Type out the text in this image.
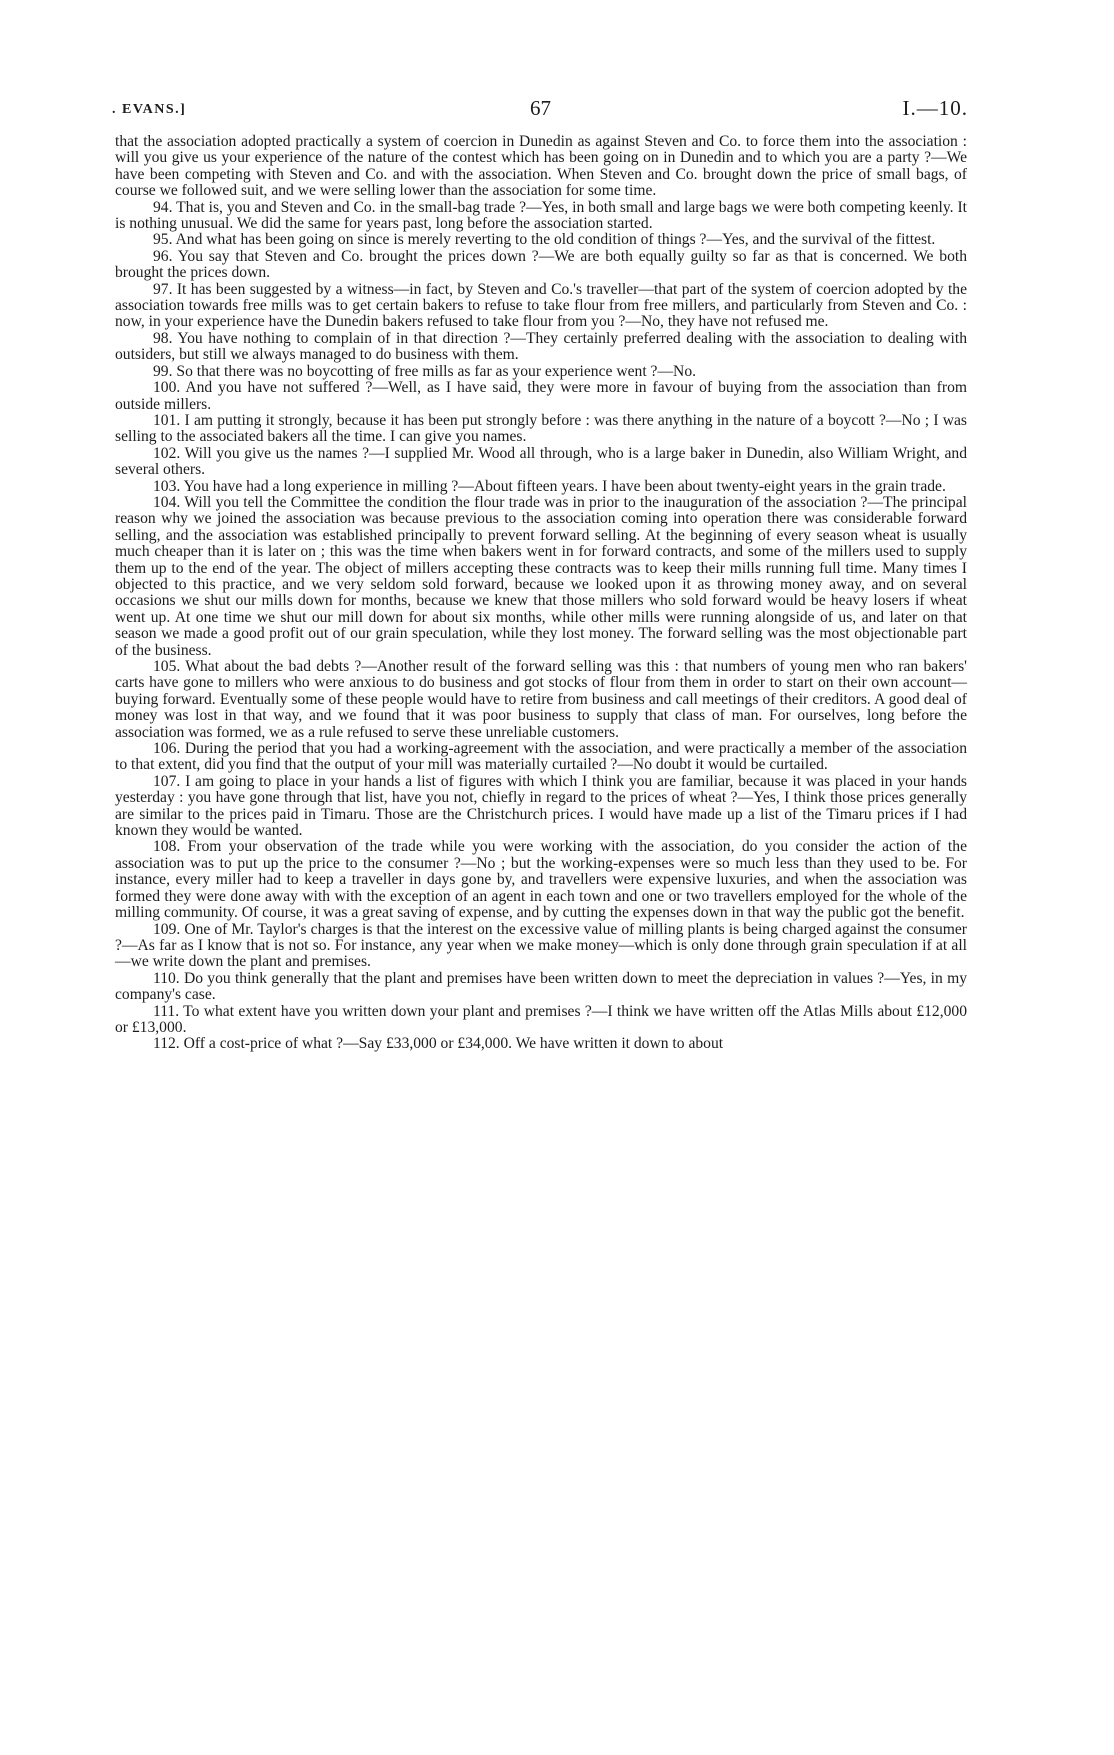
. EVANS.]	67	I.—10.

that the association adopted practically a system of coercion in Dunedin as against Steven and Co. to force them into the association : will you give us your experience of the nature of the contest which has been going on in Dunedin and to which you are a party ?—We have been competing with Steven and Co. and with the association. When Steven and Co. brought down the price of small bags, of course we followed suit, and we were selling lower than the association for some time.

94. That is, you and Steven and Co. in the small-bag trade ?—Yes, in both small and large bags we were both competing keenly. It is nothing unusual. We did the same for years past, long before the association started.

95. And what has been going on since is merely reverting to the old condition of things ?—Yes, and the survival of the fittest.

96. You say that Steven and Co. brought the prices down ?—We are both equally guilty so far as that is concerned. We both brought the prices down.

97. It has been suggested by a witness—in fact, by Steven and Co.'s traveller—that part of the system of coercion adopted by the association towards free mills was to get certain bakers to refuse to take flour from free millers, and particularly from Steven and Co. : now, in your experience have the Dunedin bakers refused to take flour from you ?—No, they have not refused me.

98. You have nothing to complain of in that direction ?—They certainly preferred dealing with the association to dealing with outsiders, but still we always managed to do business with them.

99. So that there was no boycotting of free mills as far as your experience went ?—No.

100. And you have not suffered ?—Well, as I have said, they were more in favour of buying from the association than from outside millers.

101. I am putting it strongly, because it has been put strongly before : was there anything in the nature of a boycott ?—No ; I was selling to the associated bakers all the time. I can give you names.

102. Will you give us the names ?—I supplied Mr. Wood all through, who is a large baker in Dunedin, also William Wright, and several others.

103. You have had a long experience in milling ?—About fifteen years. I have been about twenty-eight years in the grain trade.

104. Will you tell the Committee the condition the flour trade was in prior to the inauguration of the association ?—The principal reason why we joined the association was because previous to the association coming into operation there was considerable forward selling, and the association was established principally to prevent forward selling. At the beginning of every season wheat is usually much cheaper than it is later on ; this was the time when bakers went in for forward contracts, and some of the millers used to supply them up to the end of the year. The object of millers accepting these contracts was to keep their mills running full time. Many times I objected to this practice, and we very seldom sold forward, because we looked upon it as throwing money away, and on several occasions we shut our mills down for months, because we knew that those millers who sold forward would be heavy losers if wheat went up. At one time we shut our mill down for about six months, while other mills were running alongside of us, and later on that season we made a good profit out of our grain speculation, while they lost money. The forward selling was the most objectionable part of the business.

105. What about the bad debts ?—Another result of the forward selling was this : that numbers of young men who ran bakers' carts have gone to millers who were anxious to do business and got stocks of flour from them in order to start on their own account—buying forward. Eventually some of these people would have to retire from business and call meetings of their creditors. A good deal of money was lost in that way, and we found that it was poor business to supply that class of man. For ourselves, long before the association was formed, we as a rule refused to serve these unreliable customers.

106. During the period that you had a working-agreement with the association, and were practically a member of the association to that extent, did you find that the output of your mill was materially curtailed ?—No doubt it would be curtailed.

107. I am going to place in your hands a list of figures with which I think you are familiar, because it was placed in your hands yesterday : you have gone through that list, have you not, chiefly in regard to the prices of wheat ?—Yes, I think those prices generally are similar to the prices paid in Timaru. Those are the Christchurch prices. I would have made up a list of the Timaru prices if I had known they would be wanted.

108. From your observation of the trade while you were working with the association, do you consider the action of the association was to put up the price to the consumer ?—No ; but the working-expenses were so much less than they used to be. For instance, every miller had to keep a traveller in days gone by, and travellers were expensive luxuries, and when the association was formed they were done away with with the exception of an agent in each town and one or two travellers employed for the whole of the milling community. Of course, it was a great saving of expense, and by cutting the expenses down in that way the public got the benefit.

109. One of Mr. Taylor's charges is that the interest on the excessive value of milling plants is being charged against the consumer ?—As far as I know that is not so. For instance, any year when we make money—which is only done through grain speculation if at all—we write down the plant and premises.

110. Do you think generally that the plant and premises have been written down to meet the depreciation in values ?—Yes, in my company's case.

111. To what extent have you written down your plant and premises ?—I think we have written off the Atlas Mills about £12,000 or £13,000.

112. Off a cost-price of what ?—Say £33,000 or £34,000. We have written it down to about
